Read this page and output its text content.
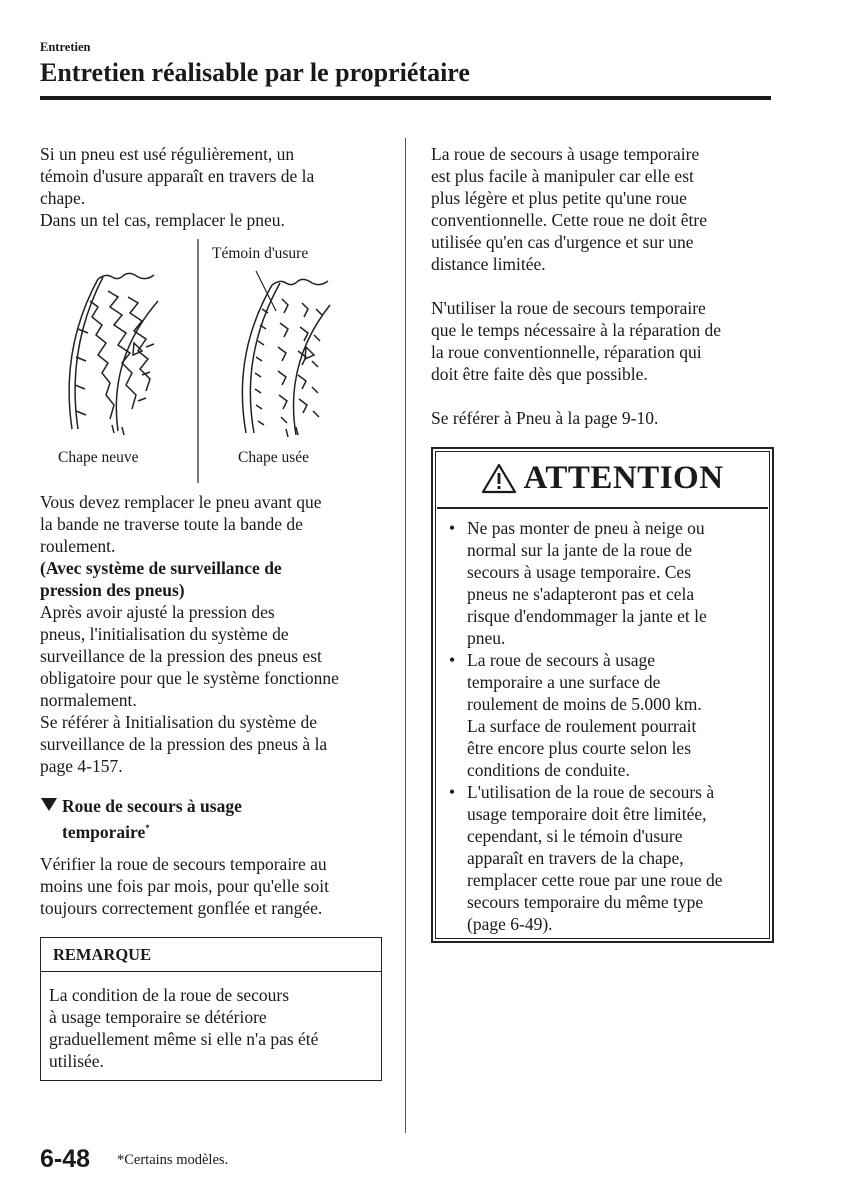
Entretien
Entretien réalisable par le propriétaire

Si un pneu est usé régulièrement, un

témoin d'usure apparaît en travers de la

chape.

Dans un tel cas, remplacer le pneu.

Témoin d'usure
Chape neuve	Chape usée

Vous devez remplacer le pneu avant que

la bande ne traverse toute la bande de

roulement.

(Avec système de surveillance de

pression des pneus)

Après avoir ajusté la pression des

pneus, l'initialisation du système de

surveillance de la pression des pneus est

obligatoire pour que le système fonctionne

normalement.

Se référer à Initialisation du système de

surveillance de la pression des pneus à la

page 4-157.

Roue de secours à usage
temporaire*

Vérifier la roue de secours temporaire au

moins une fois par mois, pour qu'elle soit

toujours correctement gonflée et rangée.

REMARQUE

La condition de la roue de secours

à usage temporaire se détériore

graduellement même si elle n'a pas été

utilisée.

La roue de secours à usage temporaire

est plus facile à manipuler car elle est

plus légère et plus petite qu'une roue

conventionnelle. Cette roue ne doit être

utilisée qu'en cas d'urgence et sur une

distance limitée.

N'utiliser la roue de secours temporaire

que le temps nécessaire à la réparation de

la roue conventionnelle, réparation qui

doit être faite dès que possible.

Se référer à Pneu à la page 9-10.

ATTENTION
• Ne pas monter de pneu à neige ou

normal sur la jante de la roue de

secours à usage temporaire. Ces

pneus ne s'adapteront pas et cela

risque d'endommager la jante et le

pneu.

• La roue de secours à usage

temporaire a une surface de

roulement de moins de 5.000 km.

La surface de roulement pourrait

être encore plus courte selon les

conditions de conduite.

• L'utilisation de la roue de secours à

usage temporaire doit être limitée,

cependant, si le témoin d'usure

apparaît en travers de la chape,

remplacer cette roue par une roue de

secours temporaire du même type

(page 6-49).

6-48 *Certains modèles.
